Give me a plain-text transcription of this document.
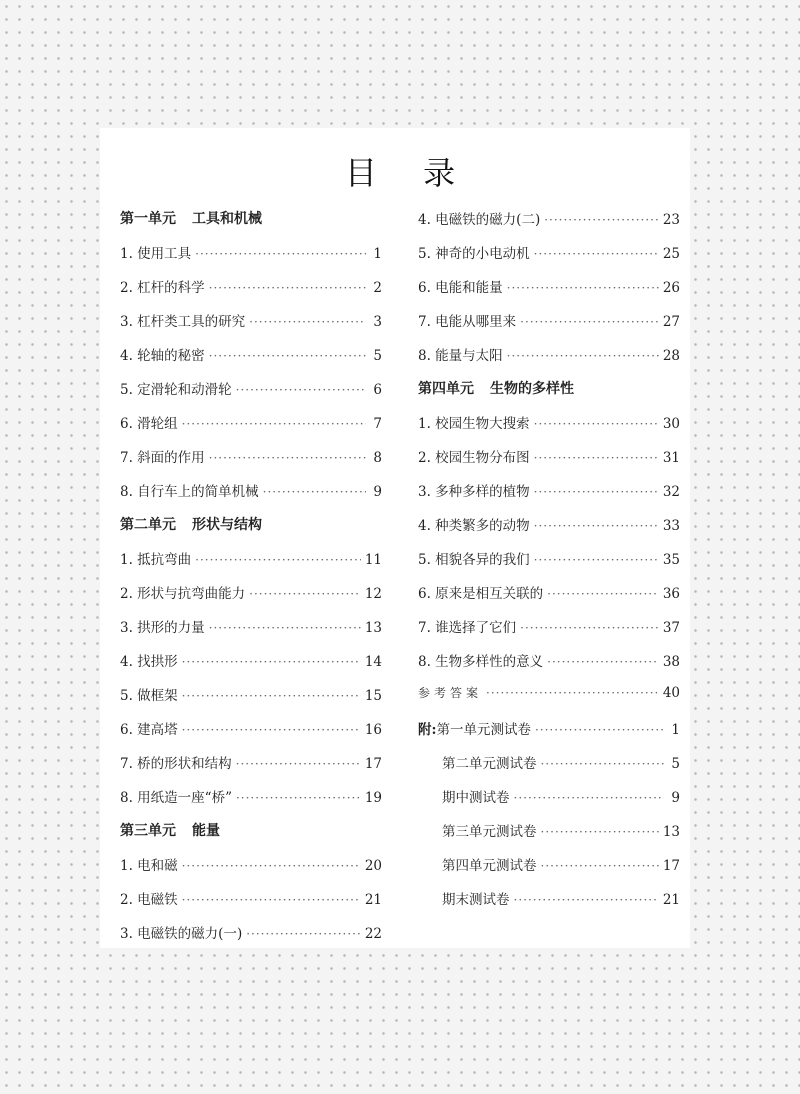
目 录
第一单元 工具和机械
1. 使用工具 ·····	1
2. 杠杆的科学 ·····	2
3. 杠杆类工具的研究 ·····	3
4. 轮轴的秘密 ·····	5
5. 定滑轮和动滑轮 ·····	6
6. 滑轮组 ·····	7
7. 斜面的作用 ·····	8
8. 自行车上的简单机械 ·····	9
第二单元 形状与结构
1. 抵抗弯曲 ·····	11
2. 形状与抗弯曲能力 ·····	12
3. 拱形的力量 ·····	13
4. 找拱形 ·····	14
5. 做框架 ·····	15
6. 建高塔 ·····	16
7. 桥的形状和结构 ·····	17
8. 用纸造一座“桥” ·····	19
第三单元 能量
1. 电和磁 ·····	20
2. 电磁铁 ·····	21
3. 电磁铁的磁力(一) ·····	22
4. 电磁铁的磁力(二) ·····	23
5. 神奇的小电动机 ·····	25
6. 电能和能量 ·····	26
7. 电能从哪里来 ·····	27
8. 能量与太阳 ·····	28
第四单元 生物的多样性
1. 校园生物大搜索 ·····	30
2. 校园生物分布图 ·····	31
3. 多种多样的植物 ·····	32
4. 种类繁多的动物 ·····	33
5. 相貌各异的我们 ·····	35
6. 原来是相互关联的 ·····	36
7. 谁选择了它们 ·····	37
8. 生物多样性的意义 ·····	38
参考答案 ·····	40
附:第一单元测试卷 ·····	1
第二单元测试卷 ·····	5
期中测试卷 ·····	9
第三单元测试卷 ·····	13
第四单元测试卷 ·····	17
期末测试卷 ·····	21
